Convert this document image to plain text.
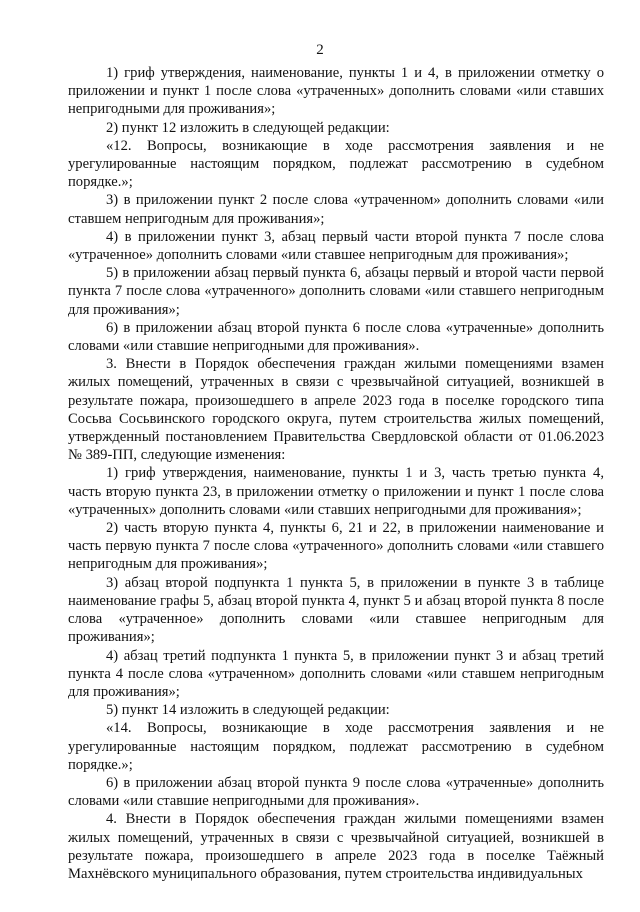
2

1) гриф утверждения, наименование, пункты 1 и 4, в приложении отметку о приложении и пункт 1 после слова «утраченных» дополнить словами «или ставших непригодными для проживания»;

2) пункт 12 изложить в следующей редакции:

«12. Вопросы, возникающие в ходе рассмотрения заявления и не урегулированные настоящим порядком, подлежат рассмотрению в судебном порядке.»;

3) в приложении пункт 2 после слова «утраченном» дополнить словами «или ставшем непригодным для проживания»;

4) в приложении пункт 3, абзац первый части второй пункта 7 после слова «утраченное» дополнить словами «или ставшее непригодным для проживания»;

5) в приложении абзац первый пункта 6, абзацы первый и второй части первой пункта 7 после слова «утраченного» дополнить словами «или ставшего непригодным для проживания»;

6) в приложении абзац второй пункта 6 после слова «утраченные» дополнить словами «или ставшие непригодными для проживания».

3. Внести в Порядок обеспечения граждан жилыми помещениями взамен жилых помещений, утраченных в связи с чрезвычайной ситуацией, возникшей в результате пожара, произошедшего в апреле 2023 года в поселке городского типа Сосьва Сосьвинского городского округа, путем строительства жилых помещений, утвержденный постановлением Правительства Свердловской области от 01.06.2023 № 389-ПП, следующие изменения:

1) гриф утверждения, наименование, пункты 1 и 3, часть третью пункта 4, часть вторую пункта 23, в приложении отметку о приложении и пункт 1 после слова «утраченных» дополнить словами «или ставших непригодными для проживания»;

2) часть вторую пункта 4, пункты 6, 21 и 22, в приложении наименование и часть первую пункта 7 после слова «утраченного» дополнить словами «или ставшего непригодным для проживания»;

3) абзац второй подпункта 1 пункта 5, в приложении в пункте 3 в таблице наименование графы 5, абзац второй пункта 4, пункт 5 и абзац второй пункта 8 после слова «утраченное» дополнить словами «или ставшее непригодным для проживания»;

4) абзац третий подпункта 1 пункта 5, в приложении пункт 3 и абзац третий пункта 4 после слова «утраченном» дополнить словами «или ставшем непригодным для проживания»;

5) пункт 14 изложить в следующей редакции:

«14. Вопросы, возникающие в ходе рассмотрения заявления и не урегулированные настоящим порядком, подлежат рассмотрению в судебном порядке.»;

6) в приложении абзац второй пункта 9 после слова «утраченные» дополнить словами «или ставшие непригодными для проживания».

4. Внести в Порядок обеспечения граждан жилыми помещениями взамен жилых помещений, утраченных в связи с чрезвычайной ситуацией, возникшей в результате пожара, произошедшего в апреле 2023 года в поселке Таёжный Махнёвского муниципального образования, путем строительства индивидуальных
